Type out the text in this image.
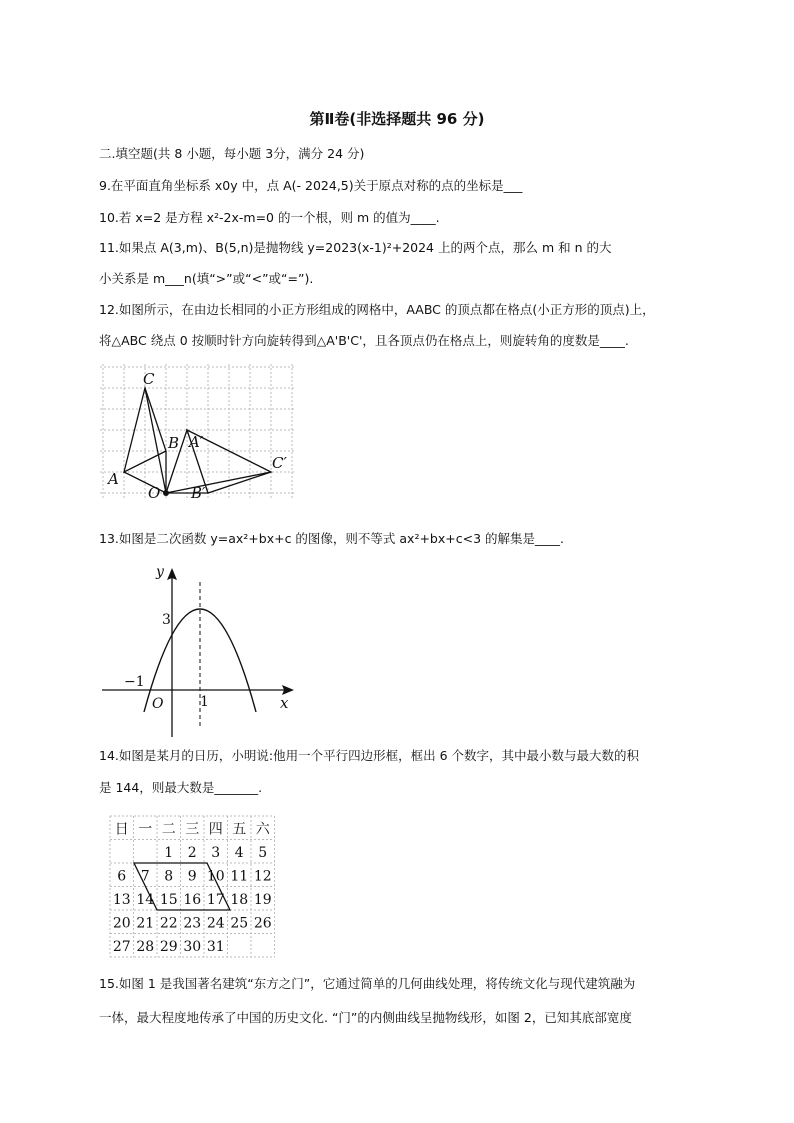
第Ⅱ卷(非选择题共 96 分)
二.填空题(共 8 小题，每小题 3分，满分 24 分)
9.在平面直角坐标系 x0y 中，点 A(- 2024,5)关于原点对称的点的坐标是___
10.若 x=2 是方程 x²-2x-m=0 的一个根，则 m 的值为____.
11.如果点 A(3,m)、B(5,n)是抛物线 y=2023(x-1)²+2024 上的两个点，那么 m 和 n 的大
小关系是 m___n(填“>”或“<”或“=”).
12.如图所示，在由边长相同的小正方形组成的网格中，AABC 的顶点都在格点(小正方形的顶点)上，
将△ABC 绕点 0 按顺时针方向旋转得到△A'B'C'，且各顶点仍在格点上，则旋转角的度数是____.
C
B A′
C′
A
O B′
13.如图是二次函数 y=ax²+bx+c 的图像，则不等式 ax²+bx+c<3 的解集是____.
y
3
−1
O	1	x
14.如图是某月的日历，小明说:他用一个平行四边形框，框出 6 个数字，其中最小数与最大数的积
是 144，则最大数是_______.
日 一 二 三 四 五 六
1 2 3 4 5
6 7 8 9 10 11 12
13 14 15 16 17 18 19
20 21 22 23 24 25 26
27 28 29 30 31
15.如图 1 是我国著名建筑“东方之门”，它通过简单的几何曲线处理，将传统文化与现代建筑融为
一体，最大程度地传承了中国的历史文化. “门”的内侧曲线呈抛物线形，如图 2，已知其底部宽度
